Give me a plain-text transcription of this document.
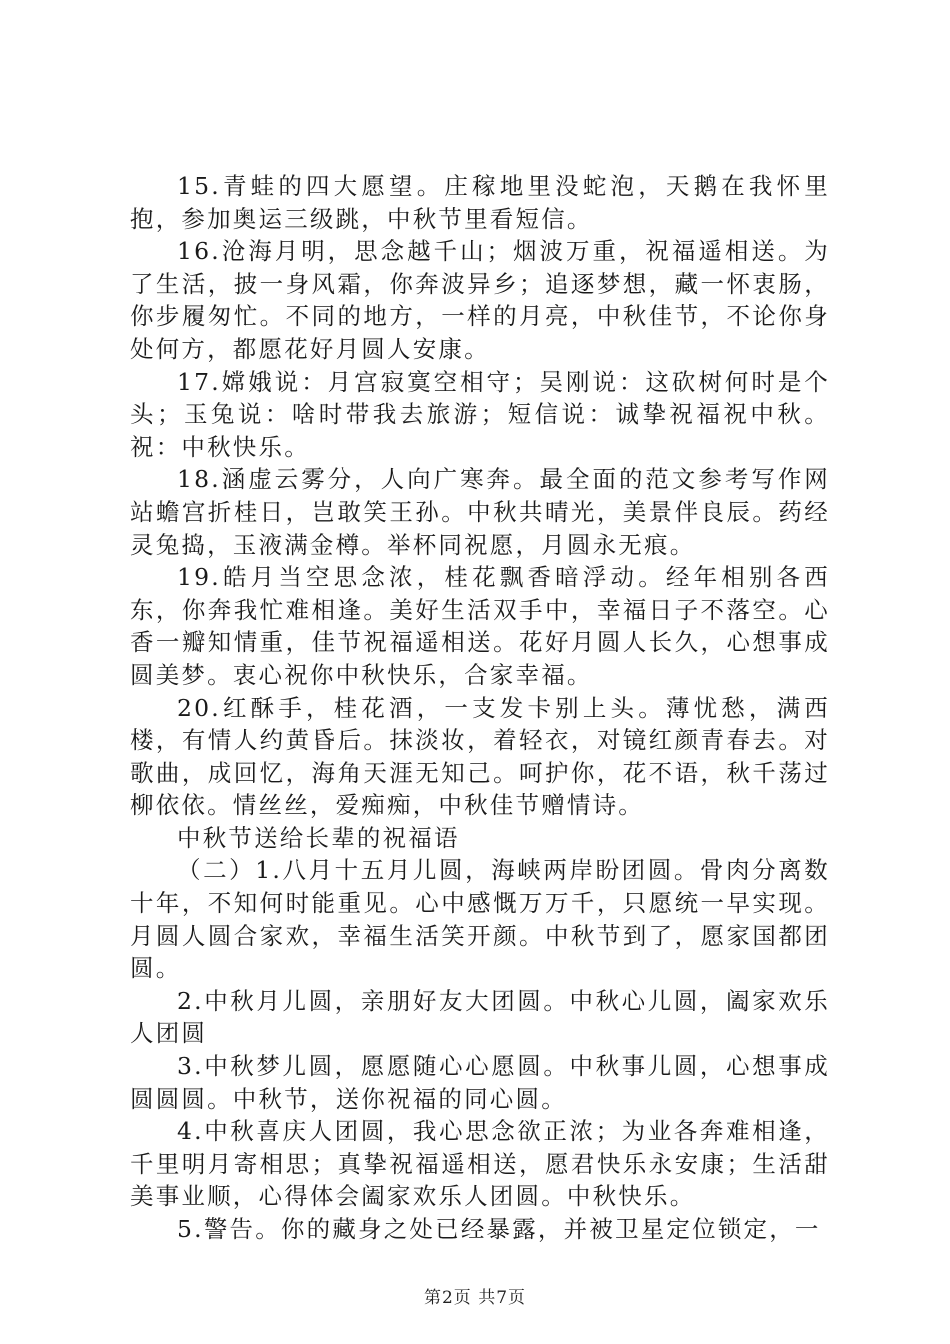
15.青蛙的四大愿望。庄稼地里没蛇泡，天鹅在我怀里抱，参加奥运三级跳，中秋节里看短信。

16.沧海月明，思念越千山；烟波万重，祝福遥相送。为了生活，披一身风霜，你奔波异乡；追逐梦想，藏一怀衷肠，你步履匆忙。不同的地方，一样的月亮，中秋佳节，不论你身处何方，都愿花好月圆人安康。

17.嫦娥说：月宫寂寞空相守；吴刚说：这砍树何时是个头；玉兔说：啥时带我去旅游；短信说：诚挚祝福祝中秋。祝：中秋快乐。

18.涵虚云雾分，人向广寒奔。最全面的范文参考写作网站蟾宫折桂日，岂敢笑王孙。中秋共晴光，美景伴良辰。药经灵兔捣，玉液满金樽。举杯同祝愿，月圆永无痕。

19.皓月当空思念浓，桂花飘香暗浮动。经年相别各西东，你奔我忙难相逢。美好生活双手中，幸福日子不落空。心香一瓣知情重，佳节祝福遥相送。花好月圆人长久，心想事成圆美梦。衷心祝你中秋快乐，合家幸福。

20.红酥手，桂花酒，一支发卡别上头。薄忧愁，满西楼，有情人约黄昏后。抹淡妆，着轻衣，对镜红颜青春去。对歌曲，成回忆，海角天涯无知己。呵护你，花不语，秋千荡过柳依依。情丝丝，爱痴痴，中秋佳节赠情诗。

中秋节送给长辈的祝福语

（二）1.八月十五月儿圆，海峡两岸盼团圆。骨肉分离数十年，不知何时能重见。心中感慨万万千，只愿统一早实现。月圆人圆合家欢，幸福生活笑开颜。中秋节到了，愿家国都团圆。

2.中秋月儿圆，亲朋好友大团圆。中秋心儿圆，阖家欢乐人团圆

3.中秋梦儿圆，愿愿随心心愿圆。中秋事儿圆，心想事成圆圆圆。中秋节，送你祝福的同心圆。

4.中秋喜庆人团圆，我心思念欲正浓；为业各奔难相逢，千里明月寄相思；真挚祝福遥相送，愿君快乐永安康；生活甜美事业顺，心得体会阖家欢乐人团圆。中秋快乐。

5.警告。你的藏身之处已经暴露，并被卫星定位锁定，一

第2页 共7页
